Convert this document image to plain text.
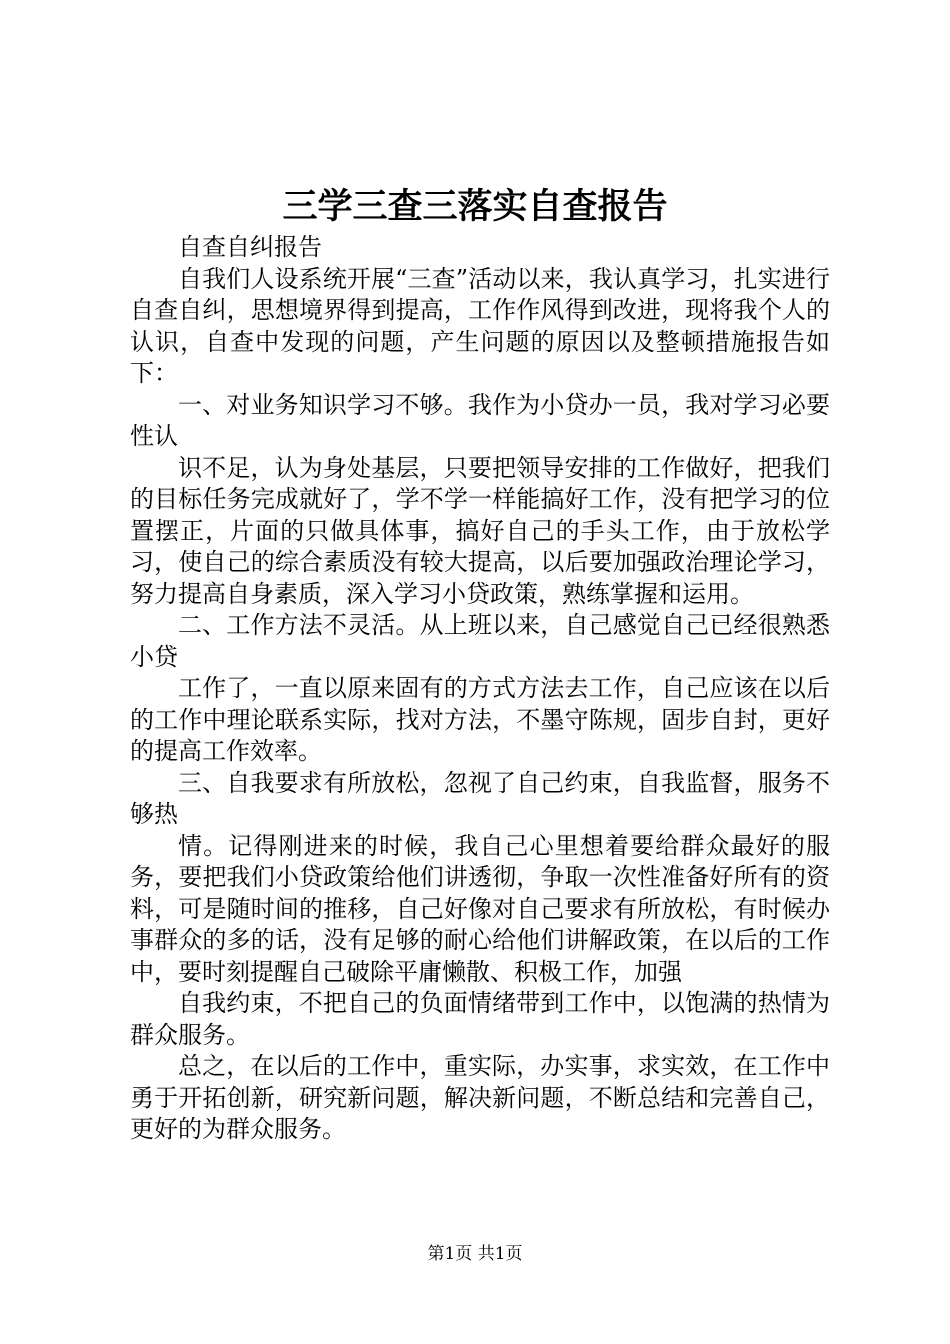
三学三查三落实自查报告

自查自纠报告

自我们人设系统开展“三查”活动以来，我认真学习，扎实进行自查自纠，思想境界得到提高，工作作风得到改进，现将我个人的认识，自查中发现的问题，产生问题的原因以及整顿措施报告如下：

一、对业务知识学习不够。我作为小贷办一员，我对学习必要性认

识不足，认为身处基层，只要把领导安排的工作做好，把我们的目标任务完成就好了，学不学一样能搞好工作，没有把学习的位置摆正，片面的只做具体事，搞好自己的手头工作，由于放松学习，使自己的综合素质没有较大提高，以后要加强政治理论学习，努力提高自身素质，深入学习小贷政策，熟练掌握和运用。

二、工作方法不灵活。从上班以来，自己感觉自己已经很熟悉小贷

工作了，一直以原来固有的方式方法去工作，自己应该在以后的工作中理论联系实际，找对方法，不墨守陈规，固步自封，更好的提高工作效率。

三、自我要求有所放松，忽视了自己约束，自我监督，服务不够热

情。记得刚进来的时候，我自己心里想着要给群众最好的服务，要把我们小贷政策给他们讲透彻，争取一次性准备好所有的资料，可是随时间的推移，自己好像对自己要求有所放松，有时候办事群众的多的话，没有足够的耐心给他们讲解政策，在以后的工作中，要时刻提醒自己破除平庸懒散、积极工作，加强

自我约束，不把自己的负面情绪带到工作中，以饱满的热情为群众服务。

总之，在以后的工作中，重实际，办实事，求实效，在工作中勇于开拓创新，研究新问题，解决新问题，不断总结和完善自己，更好的为群众服务。

第1页 共1页
